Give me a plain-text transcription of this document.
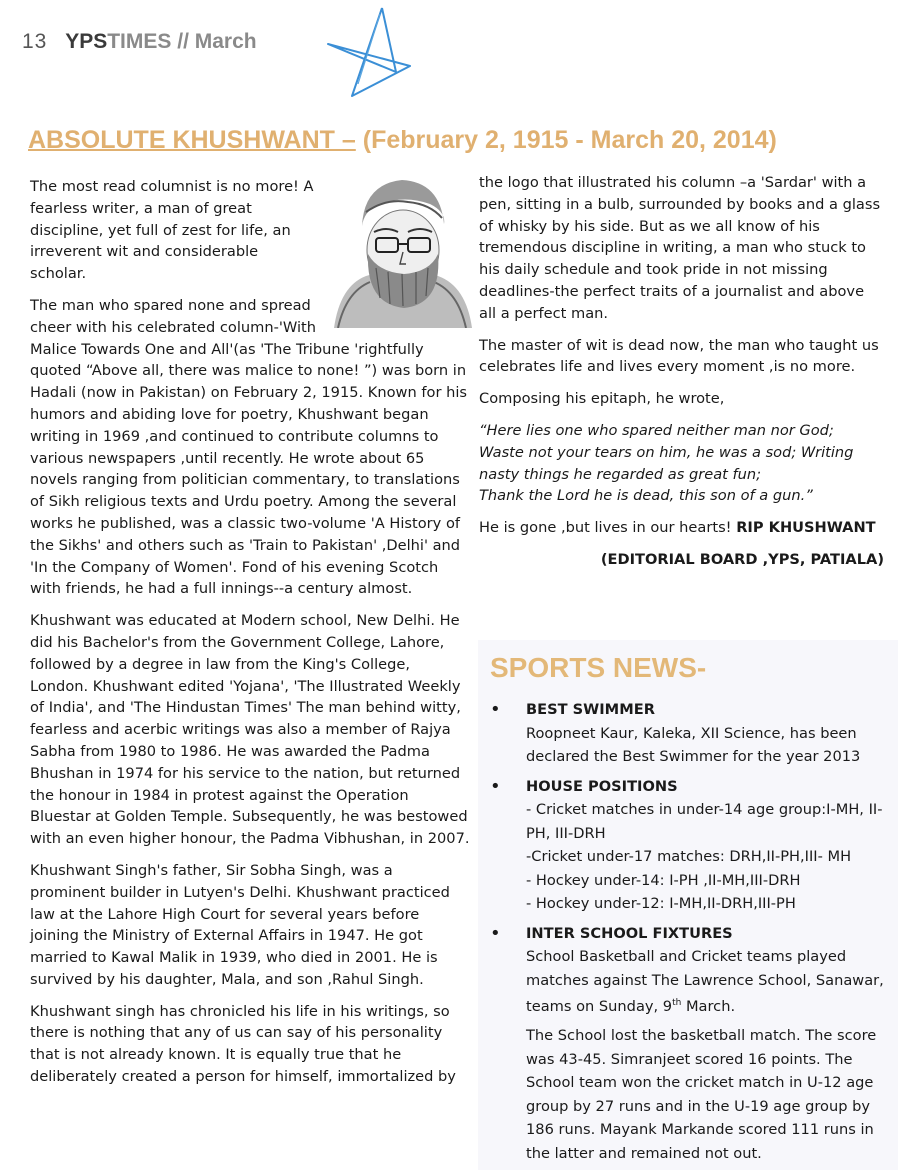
13 YPSTIMES // March
ABSOLUTE KHUSHWANT – (February 2, 1915 - March 20, 2014)

The most read columnist is no more! A fearless writer, a man of great discipline, yet full of zest for life, an irreverent wit and considerable scholar.

The man who spared none and spread cheer with his celebrated column-'With Malice Towards One and All'(as 'The Tribune 'rightfully quoted “Above all, there was malice to none! ”) was born in Hadali (now in Pakistan) on February 2, 1915. Known for his humors and abiding love for poetry, Khushwant began writing in 1969 ,and continued to contribute columns to various newspapers ,until recently. He wrote about 65 novels ranging from politician commentary, to translations of Sikh religious texts and Urdu poetry. Among the several works he published, was a classic two-volume 'A History of the Sikhs' and others such as 'Train to Pakistan' ,Delhi' and 'In the Company of Women'. Fond of his evening Scotch with friends, he had a full innings--a century almost.

Khushwant was educated at Modern school, New Delhi. He did his Bachelor's from the Government College, Lahore, followed by a degree in law from the King's College, London. Khushwant edited 'Yojana', 'The Illustrated Weekly of India', and 'The Hindustan Times' The man behind witty, fearless and acerbic writings was also a member of Rajya Sabha from 1980 to 1986. He was awarded the Padma Bhushan in 1974 for his service to the nation, but returned the honour in 1984 in protest against the Operation Bluestar at Golden Temple. Subsequently, he was bestowed with an even higher honour, the Padma Vibhushan, in 2007.

Khushwant Singh's father, Sir Sobha Singh, was a prominent builder in Lutyen's Delhi. Khushwant practiced law at the Lahore High Court for several years before joining the Ministry of External Affairs in 1947. He got married to Kawal Malik in 1939, who died in 2001. He is survived by his daughter, Mala, and son ,Rahul Singh.

Khushwant singh has chronicled his life in his writings, so there is nothing that any of us can say of his personality that is not already known. It is equally true that he deliberately created a person for himself, immortalized by

the logo that illustrated his column –a 'Sardar' with a pen, sitting in a bulb, surrounded by books and a glass of whisky by his side. But as we all know of his tremendous discipline in writing, a man who stuck to his daily schedule and took pride in not missing deadlines-the perfect traits of a journalist and above all a perfect man.

The master of wit is dead now, the man who taught us celebrates life and lives every moment ,is no more.

Composing his epitaph, he wrote,

“Here lies one who spared neither man nor God;
Waste not your tears on him, he was a sod; Writing
nasty things he regarded as great fun;
Thank the Lord he is dead, this son of a gun.”

He is gone ,but lives in our hearts! RIP KHUSHWANT

(EDITORIAL BOARD ,YPS, PATIALA)

SPORTS NEWS-
• BEST SWIMMER
Roopneet Kaur, Kaleka, XII Science, has been declared the Best Swimmer for the year 2013
• HOUSE POSITIONS
- Cricket matches in under-14 age group:I-MH, II-PH, III-DRH
-Cricket under-17 matches: DRH,II-PH,III- MH
- Hockey under-14: I-PH ,II-MH,III-DRH
- Hockey under-12: I-MH,II-DRH,III-PH
• INTER SCHOOL FIXTURES
School Basketball and Cricket teams played matches against The Lawrence School, Sanawar, teams on Sunday, 9th March.
The School lost the basketball match. The score was 43-45. Simranjeet scored 16 points. The School team won the cricket match in U-12 age group by 27 runs and in the U-19 age group by 186 runs. Mayank Markande scored 111 runs in the latter and remained not out.
